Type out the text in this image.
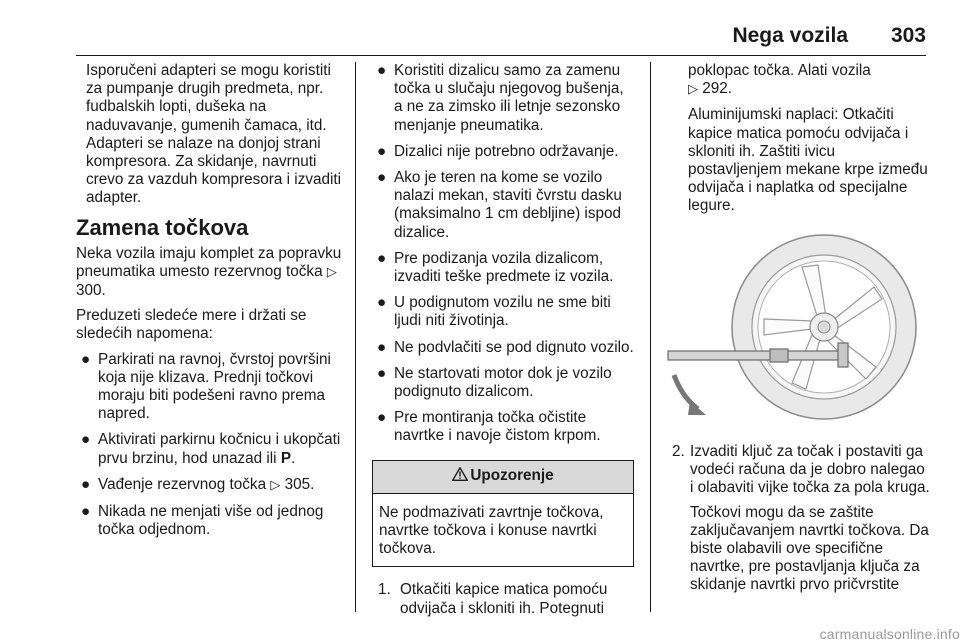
Nega vozila 303

Isporučeni adapteri se mogu koristiti za pumpanje drugih predmeta, npr. fudbalskih lopti, dušeka na naduvavanje, gumenih čamaca, itd. Adapteri se nalaze na donjoj strani kompresora. Za skidanje, navrnuti crevo za vazduh kompresora i izvaditi adapter.

Zamena točkova

Neka vozila imaju komplet za popravku pneumatika umesto rezervnog točka ▷ 300.

Preduzeti sledeće mere i držati se sledećih napomena:

● Parkirati na ravnoj, čvrstoj površini koja nije klizava. Prednji točkovi moraju biti podešeni ravno prema napred.
● Aktivirati parkirnu kočnicu i ukopčati prvu brzinu, hod unazad ili P.
● Vađenje rezervnog točka ▷ 305.
● Nikada ne menjati više od jednog točka odjednom.
● Koristiti dizalicu samo za zamenu točka u slučaju njegovog bušenja, a ne za zimsko ili letnje sezonsko menjanje pneumatika.
● Dizalici nije potrebno održavanje.
● Ako je teren na kome se vozilo nalazi mekan, staviti čvrstu dasku (maksimalno 1 cm debljine) ispod dizalice.
● Pre podizanja vozila dizalicom, izvaditi teške predmete iz vozila.
● U podignutom vozilu ne sme biti ljudi niti životinja.
● Ne podvlačiti se pod dignuto vozilo.
● Ne startovati motor dok je vozilo podignuto dizalicom.
● Pre montiranja točka očistite navrtke i navoje čistom krpom.
Upozorenje
Ne podmazivati zavrtnje točkova, navrtke točkova i konuse navrtki točkova.
1. Otkačiti kapice matica pomoću odvijača i skloniti ih. Potegnuti

poklopac točka. Alati vozila
▷ 292.

Aluminijumski naplaci: Otkačiti kapice matica pomoću odvijača i skloniti ih. Zaštiti ivicu postavljenjem mekane krpe između odvijača i naplatka od specijalne legure.

2. Izvaditi ključ za točak i postaviti ga vodeći računa da je dobro nalegao i olabaviti vijke točka za pola kruga.

Točkovi mogu da se zaštite zaključavanjem navrtki točkova. Da biste olabavili ove specifične navrtke, pre postavljanja ključa za skidanje navrtki prvo pričvrstite

carmanualsonline.info
